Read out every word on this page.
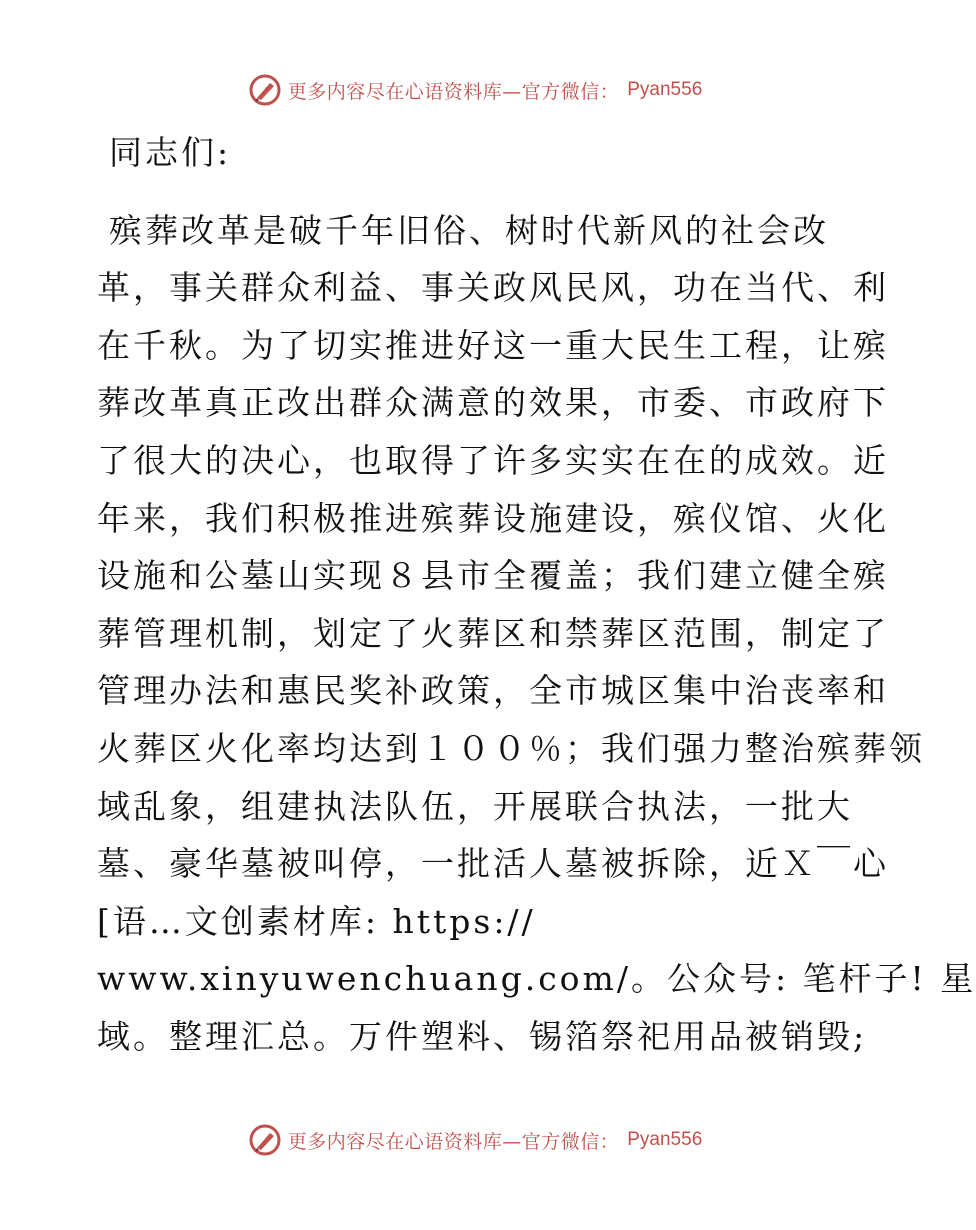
更多内容尽在心语资料库—官方微信： Pyan556
同志们:
殡葬改革是破千年旧俗、树时代新风的社会改
革，事关群众利益、事关政风民风，功在当代、利
在千秋。为了切实推进好这一重大民生工程，让殡
葬改革真正改出群众满意的效果，市委、市政府下
了很大的决心，也取得了许多实实在在的成效。近
年来，我们积极推进殡葬设施建设，殡仪馆、火化
设施和公墓山实现８县市全覆盖；我们建立健全殡
葬管理机制，划定了火葬区和禁葬区范围，制定了
管理办法和惠民奖补政策，全市城区集中治丧率和
火葬区火化率均达到１００％；我们强力整治殡葬领
域乱象，组建执法队伍，开展联合执法，一批大
墓、豪华墓被叫停，一批活人墓被拆除，近Ｘ￣心
[语…文创素材库: https://
www.xinyuwenchuang.com/。公众号: 笔杆子! 星
域。整理汇总。万件塑料、锡箔祭祀用品被销毁;
更多内容尽在心语资料库—官方微信： Pyan556
